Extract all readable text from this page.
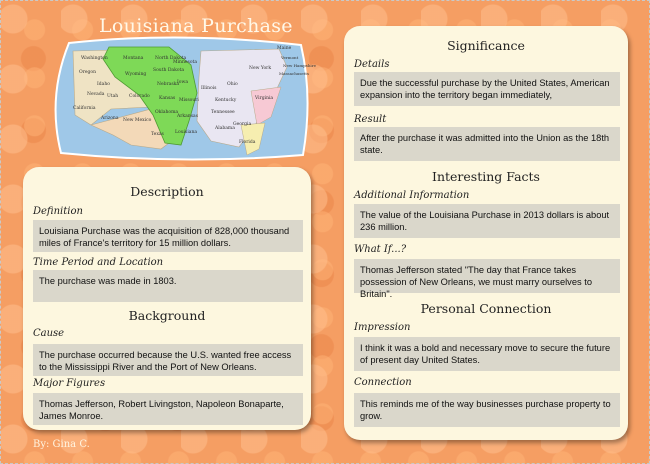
Louisiana Purchase
Washington
Oregon
Idaho
Montana	North Dakota
South Dakota
Wyoming
Nebraska
Kansas
Colorado
Utah
Nevada
California
Arizona New Mexico
Texas
Oklahoma
Missouri
Iowa
Minnesota
Arkansas
Louisiana
Illinois
Ohio
Kentucky
Tennessee
Alabama
Georgia
Florida
Virginia
Maine
New York
Vermont
New Hampshire
Massachusetts

Description

Definition

Louisiana Purchase was the acquisition of 828,000 thousand miles of France's territory for 15 million dollars.

Time Period and Location

The purchase was made in 1803.

Background

Cause

The purchase occurred because the U.S. wanted free access to the Mississippi River and the Port of New Orleans.

Major Figures

Thomas Jefferson, Robert Livingston, Napoleon Bonaparte, James Monroe.

Significance

Details

Due the successful purchase by the United States, American expansion into the territory began immediately,

Result

After the purchase it was admitted into the Union as the 18th state.

Interesting Facts

Additional Information

The value of the Louisiana Purchase in 2013 dollars is about 236 million.

What If...?

Thomas Jefferson stated "The day that France takes possession of New Orleans, we must marry ourselves to Britain".

Personal Connection

Impression

I think it was a bold and necessary move to secure the future of present day United States.

Connection

This reminds me of the way businesses purchase property to grow.
By: Gina C.
